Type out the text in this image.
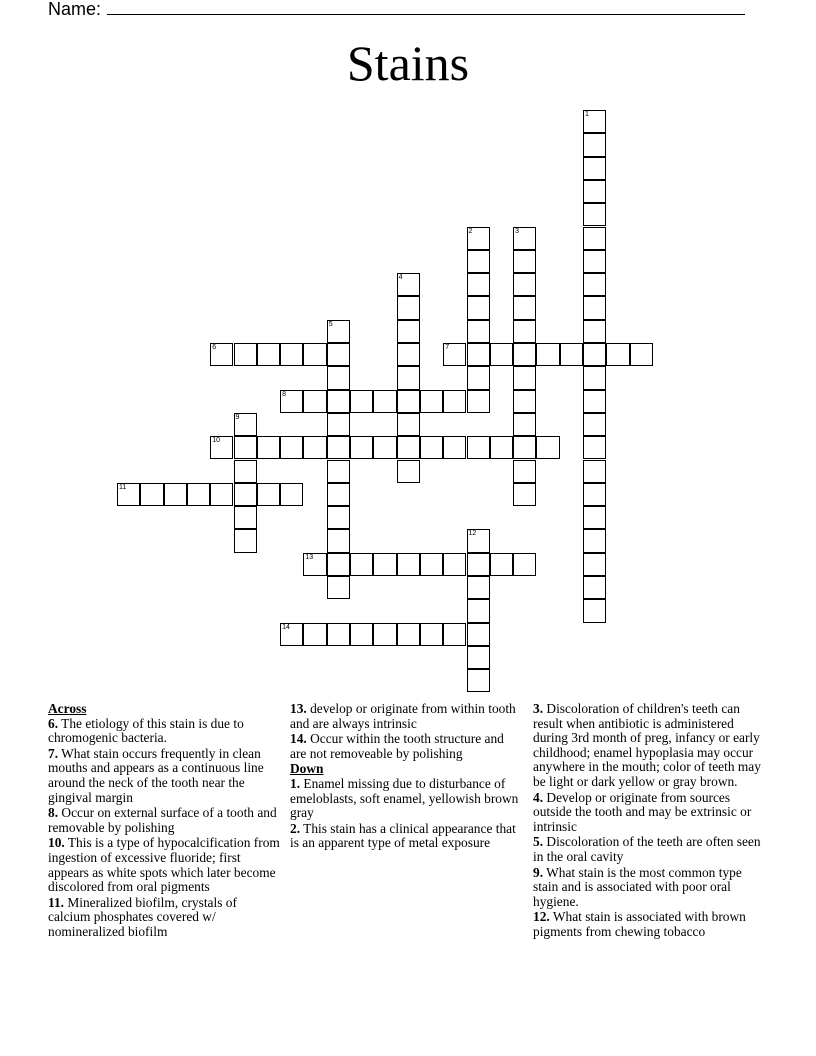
Name:
Stains
1
2	3
4
5
6	7
8
9
10
11
12
13
14
Across
6. The etiology of this stain is due to chromogenic bacteria.
7. What stain occurs frequently in clean mouths and appears as a continuous line around the neck of the tooth near the gingival margin
8. Occur on external surface of a tooth and removable by polishing
10. This is a type of hypocalcification from ingestion of excessive fluoride; first appears as white spots which later become discolored from oral pigments
11. Mineralized biofilm, crystals of calcium phosphates covered w/ nomineralized biofilm
13. develop or originate from within tooth and are always intrinsic
14. Occur within the tooth structure and are not removeable by polishing
Down
1. Enamel missing due to disturbance of emeloblasts, soft enamel, yellowish brown gray
2. This stain has a clinical appearance that is an apparent type of metal exposure
3. Discoloration of children's teeth can result when antibiotic is administered during 3rd month of preg, infancy or early childhood; enamel hypoplasia may occur anywhere in the mouth; color of teeth may be light or dark yellow or gray brown.
4. Develop or originate from sources outside the tooth and may be extrinsic or intrinsic
5. Discoloration of the teeth are often seen in the oral cavity
9. What stain is the most common type stain and is associated with poor oral hygiene.
12. What stain is associated with brown pigments from chewing tobacco
